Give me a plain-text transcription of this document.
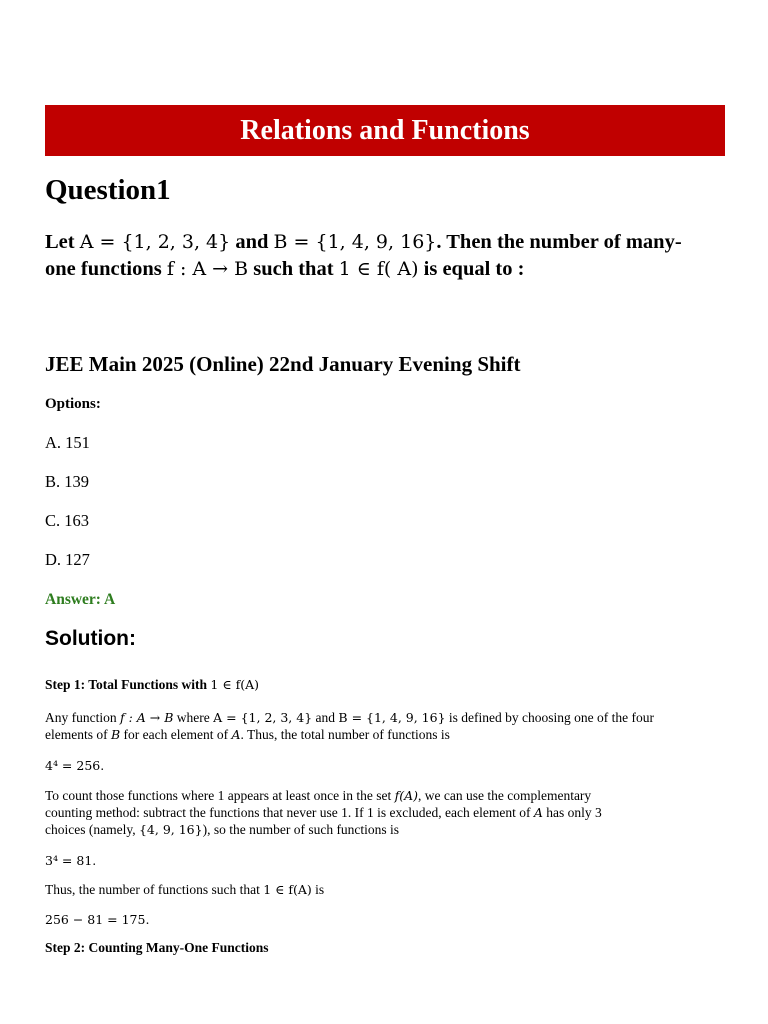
Relations and Functions
Question1
Let A = {1, 2, 3, 4} and B = {1, 4, 9, 16}. Then the number of many-
one functions f : A → B such that 1 ∈ f( A) is equal to :
JEE Main 2025 (Online) 22nd January Evening Shift
Options:
A. 151
B. 139
C. 163
D. 127
Answer: A
Solution:
Step 1: Total Functions with 1 ∈ f(A)
Any function f : A → B where A = {1, 2, 3, 4} and B = {1, 4, 9, 16} is defined by choosing one of the four
elements of B for each element of A. Thus, the total number of functions is
4⁴ = 256.
To count those functions where 1 appears at least once in the set f(A), we can use the complementary
counting method: subtract the functions that never use 1. If 1 is excluded, each element of A has only 3
choices (namely, {4, 9, 16}), so the number of such functions is
3⁴ = 81.
Thus, the number of functions such that 1 ∈ f(A) is
256 − 81 = 175.
Step 2: Counting Many-One Functions
